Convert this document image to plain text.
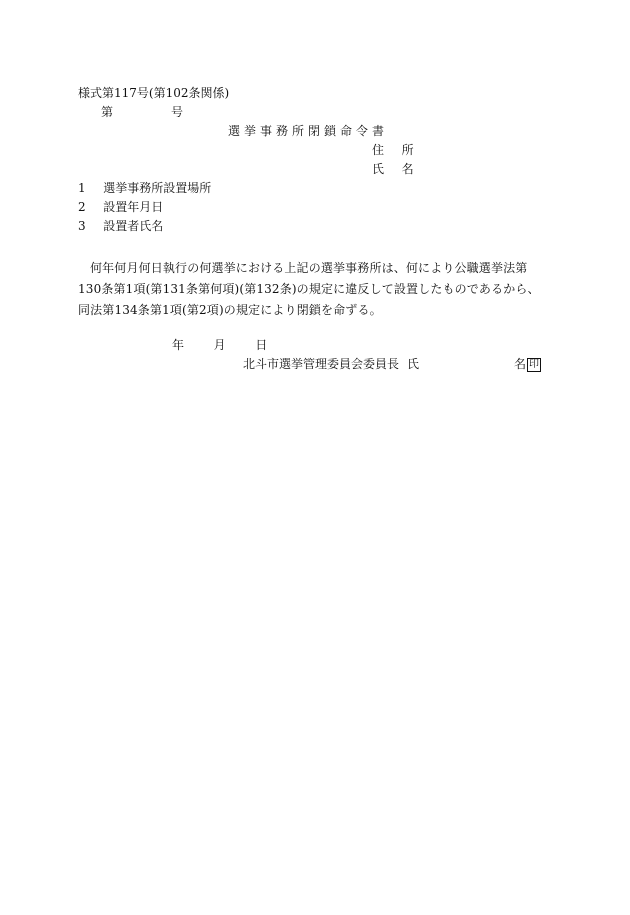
様式第117号(第102条関係)
第	号
選挙事務所閉鎖命令書
住 所
氏 名
1 選挙事務所設置場所
2 設置年月日
3 設置者氏名
何年何月何日執行の何選挙における上記の選挙事務所は、何により公職選挙法第130条第1項(第131条第何項)(第132条)の規定に違反して設置したものであるから、同法第134条第1項(第2項)の規定により閉鎖を命ずる。
年 月 日
北斗市選挙管理委員会委員長 氏	名 印
